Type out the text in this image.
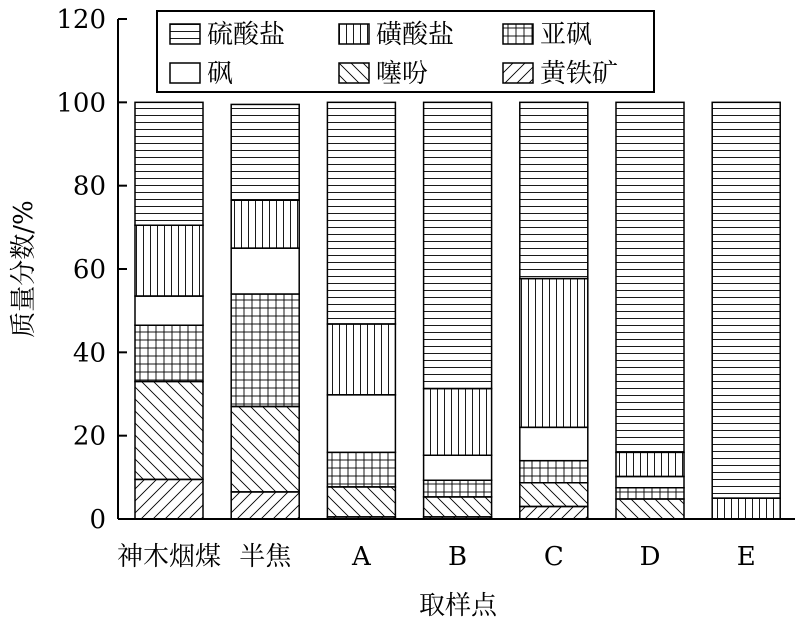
0
20
40
60
80
100
120
神木烟煤 半焦 A	B	C	D	E
取样点
质量分数/%
硫酸盐	磺酸盐	亚砜
砜	噻吩	黄铁矿
